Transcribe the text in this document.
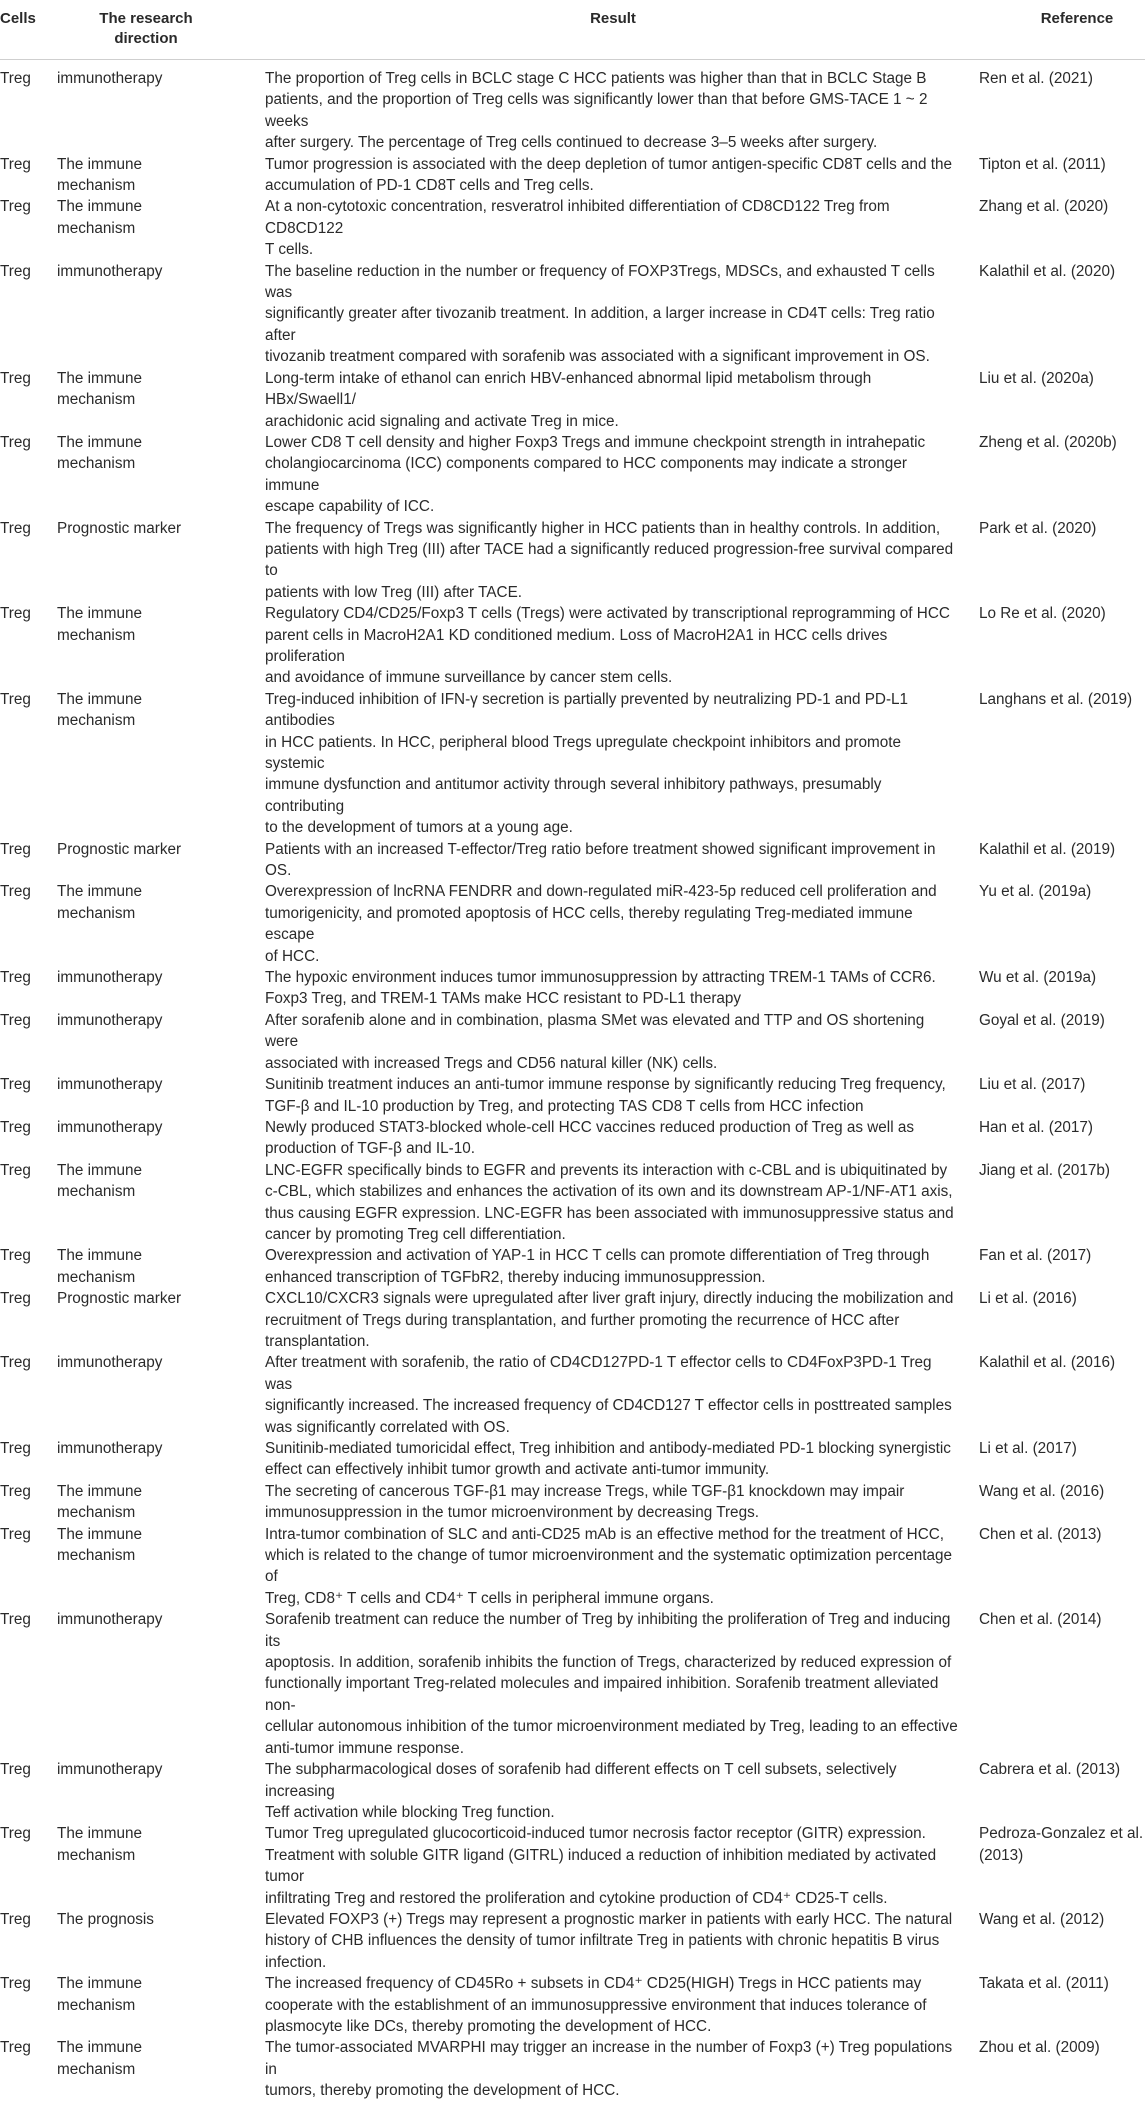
Cells	The research
direction	Result	Reference
Treg	immunotherapy	The proportion of Treg cells in BCLC stage C HCC patients was higher than that in BCLC Stage B
patients, and the proportion of Treg cells was significantly lower than that before GMS-TACE 1 ~ 2 weeks
after surgery. The percentage of Treg cells continued to decrease 3–5 weeks after surgery.	Ren et al. (2021)
Treg	The immune mechanism	Tumor progression is associated with the deep depletion of tumor antigen-specific CD8T cells and the
accumulation of PD-1 CD8T cells and Treg cells.	Tipton et al. (2011)
Treg	The immune mechanism	At a non-cytotoxic concentration, resveratrol inhibited differentiation of CD8CD122 Treg from CD8CD122
T cells.	Zhang et al. (2020)
Treg	immunotherapy	The baseline reduction in the number or frequency of FOXP3Tregs, MDSCs, and exhausted T cells was
significantly greater after tivozanib treatment. In addition, a larger increase in CD4T cells: Treg ratio after
tivozanib treatment compared with sorafenib was associated with a significant improvement in OS.	Kalathil et al. (2020)
Treg	The immune mechanism	Long-term intake of ethanol can enrich HBV-enhanced abnormal lipid metabolism through HBx/Swaell1/
arachidonic acid signaling and activate Treg in mice.	Liu et al. (2020a)
Treg	The immune mechanism	Lower CD8 T cell density and higher Foxp3 Tregs and immune checkpoint strength in intrahepatic
cholangiocarcinoma (ICC) components compared to HCC components may indicate a stronger immune
escape capability of ICC.	Zheng et al. (2020b)
Treg	Prognostic marker	The frequency of Tregs was significantly higher in HCC patients than in healthy controls. In addition,
patients with high Treg (III) after TACE had a significantly reduced progression-free survival compared to
patients with low Treg (III) after TACE.	Park et al. (2020)
Treg	The immune mechanism	Regulatory CD4/CD25/Foxp3 T cells (Tregs) were activated by transcriptional reprogramming of HCC
parent cells in MacroH2A1 KD conditioned medium. Loss of MacroH2A1 in HCC cells drives proliferation
and avoidance of immune surveillance by cancer stem cells.	Lo Re et al. (2020)
Treg	The immune mechanism	Treg-induced inhibition of IFN-γ secretion is partially prevented by neutralizing PD-1 and PD-L1 antibodies
in HCC patients. In HCC, peripheral blood Tregs upregulate checkpoint inhibitors and promote systemic
immune dysfunction and antitumor activity through several inhibitory pathways, presumably contributing
to the development of tumors at a young age.	Langhans et al. (2019)
Treg	Prognostic marker	Patients with an increased T-effector/Treg ratio before treatment showed significant improvement in OS.	Kalathil et al. (2019)
Treg	The immune mechanism	Overexpression of lncRNA FENDRR and down-regulated miR-423-5p reduced cell proliferation and
tumorigenicity, and promoted apoptosis of HCC cells, thereby regulating Treg-mediated immune escape
of HCC.	Yu et al. (2019a)
Treg	immunotherapy	The hypoxic environment induces tumor immunosuppression by attracting TREM-1 TAMs of CCR6.
Foxp3 Treg, and TREM-1 TAMs make HCC resistant to PD-L1 therapy	Wu et al. (2019a)
Treg	immunotherapy	After sorafenib alone and in combination, plasma SMet was elevated and TTP and OS shortening were
associated with increased Tregs and CD56 natural killer (NK) cells.	Goyal et al. (2019)
Treg	immunotherapy	Sunitinib treatment induces an anti-tumor immune response by significantly reducing Treg frequency,
TGF-β and IL-10 production by Treg, and protecting TAS CD8 T cells from HCC infection	Liu et al. (2017)
Treg	immunotherapy	Newly produced STAT3-blocked whole-cell HCC vaccines reduced production of Treg as well as
production of TGF-β and IL-10.	Han et al. (2017)
Treg	The immune mechanism	LNC-EGFR specifically binds to EGFR and prevents its interaction with c-CBL and is ubiquitinated by
c-CBL, which stabilizes and enhances the activation of its own and its downstream AP-1/NF-AT1 axis,
thus causing EGFR expression. LNC-EGFR has been associated with immunosuppressive status and
cancer by promoting Treg cell differentiation.	Jiang et al. (2017b)
Treg	The immune mechanism	Overexpression and activation of YAP-1 in HCC T cells can promote differentiation of Treg through
enhanced transcription of TGFbR2, thereby inducing immunosuppression.	Fan et al. (2017)
Treg	Prognostic marker	CXCL10/CXCR3 signals were upregulated after liver graft injury, directly inducing the mobilization and
recruitment of Tregs during transplantation, and further promoting the recurrence of HCC after
transplantation.	Li et al. (2016)
Treg	immunotherapy	After treatment with sorafenib, the ratio of CD4CD127PD-1 T effector cells to CD4FoxP3PD-1 Treg was
significantly increased. The increased frequency of CD4CD127 T effector cells in posttreated samples
was significantly correlated with OS.	Kalathil et al. (2016)
Treg	immunotherapy	Sunitinib-mediated tumoricidal effect, Treg inhibition and antibody-mediated PD-1 blocking synergistic
effect can effectively inhibit tumor growth and activate anti-tumor immunity.	Li et al. (2017)
Treg	The immune mechanism	The secreting of cancerous TGF-β1 may increase Tregs, while TGF-β1 knockdown may impair
immunosuppression in the tumor microenvironment by decreasing Tregs.	Wang et al. (2016)
Treg	The immune mechanism	Intra-tumor combination of SLC and anti-CD25 mAb is an effective method for the treatment of HCC,
which is related to the change of tumor microenvironment and the systematic optimization percentage of
Treg, CD8⁺ T cells and CD4⁺ T cells in peripheral immune organs.	Chen et al. (2013)
Treg	immunotherapy	Sorafenib treatment can reduce the number of Treg by inhibiting the proliferation of Treg and inducing its
apoptosis. In addition, sorafenib inhibits the function of Tregs, characterized by reduced expression of
functionally important Treg-related molecules and impaired inhibition. Sorafenib treatment alleviated non-
cellular autonomous inhibition of the tumor microenvironment mediated by Treg, leading to an effective
anti-tumor immune response.	Chen et al. (2014)
Treg	immunotherapy	The subpharmacological doses of sorafenib had different effects on T cell subsets, selectively increasing
Teff activation while blocking Treg function.	Cabrera et al. (2013)
Treg	The immune mechanism	Tumor Treg upregulated glucocorticoid-induced tumor necrosis factor receptor (GITR) expression.
Treatment with soluble GITR ligand (GITRL) induced a reduction of inhibition mediated by activated tumor
infiltrating Treg and restored the proliferation and cytokine production of CD4⁺ CD25-T cells.	Pedroza-Gonzalez et al. (2013)
Treg	The prognosis	Elevated FOXP3 (+) Tregs may represent a prognostic marker in patients with early HCC. The natural
history of CHB influences the density of tumor infiltrate Treg in patients with chronic hepatitis B virus
infection.	Wang et al. (2012)
Treg	The immune mechanism	The increased frequency of CD45Ro + subsets in CD4⁺ CD25(HIGH) Tregs in HCC patients may
cooperate with the establishment of an immunosuppressive environment that induces tolerance of
plasmocyte like DCs, thereby promoting the development of HCC.	Takata et al. (2011)
Treg	The immune mechanism	The tumor-associated MVARPHI may trigger an increase in the number of Foxp3 (+) Treg populations in
tumors, thereby promoting the development of HCC.	Zhou et al. (2009)
